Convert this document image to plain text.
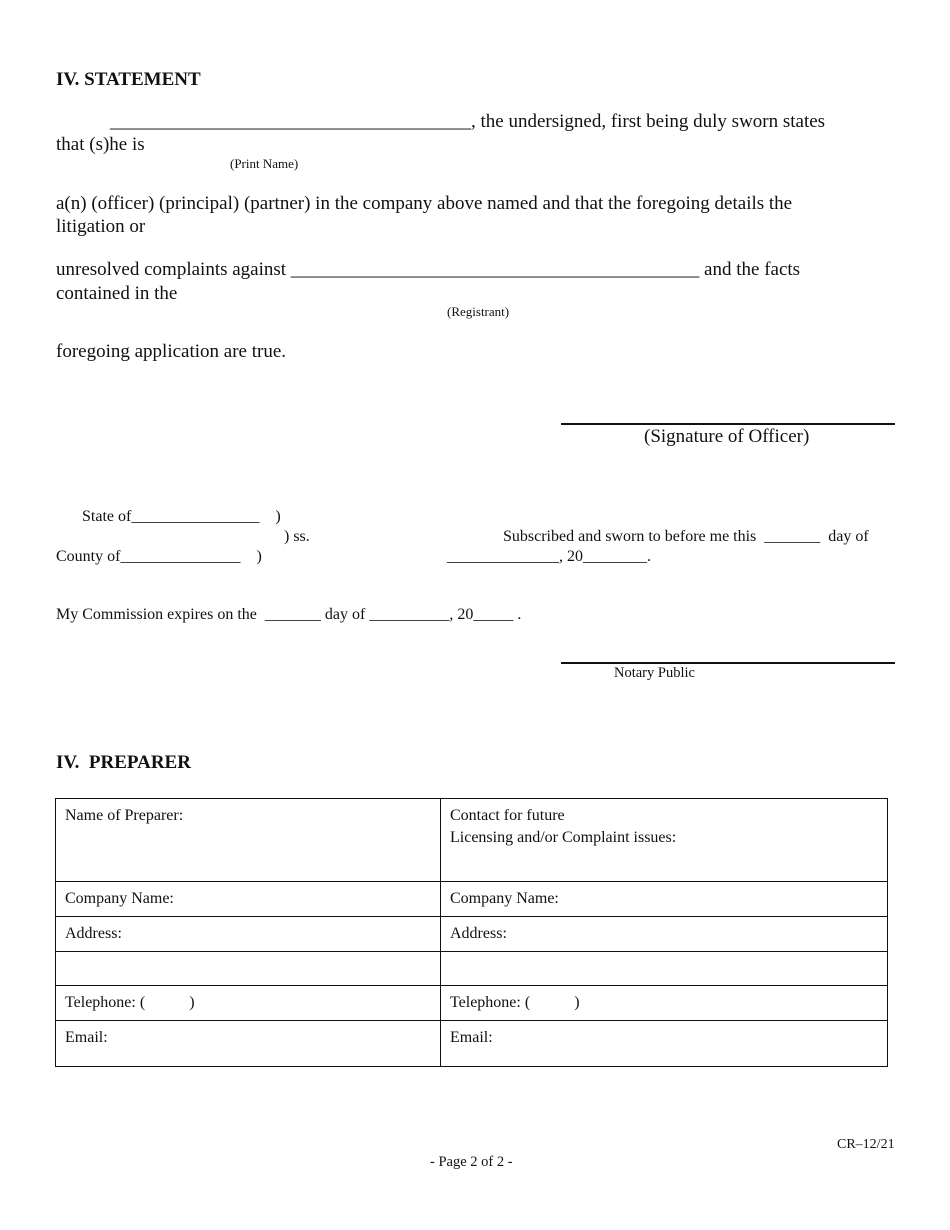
IV. STATEMENT
______________________________________, the undersigned, first being duly sworn states
that (s)he is
(Print Name)
a(n) (officer) (principal) (partner) in the company above named and that the foregoing details the
litigation or
unresolved complaints against ___________________________________________ and the facts
contained in the
(Registrant)
foregoing application are true.
(Signature of Officer)
State of________________    )
) ss.
County of_______________    )
Subscribed and sworn to before me this  _______  day of
______________, 20________.
My Commission expires on the  _______ day of __________, 20_____ .
Notary Public
IV.  PREPARER
Name of Preparer:	Contact for future
Licensing and/or Complaint issues:

Company Name:	Company Name:
Address:	Address:

Telephone: ( )	Telephone: ( )
Email:	Email:
CR–12/21
- Page 2 of 2 -
